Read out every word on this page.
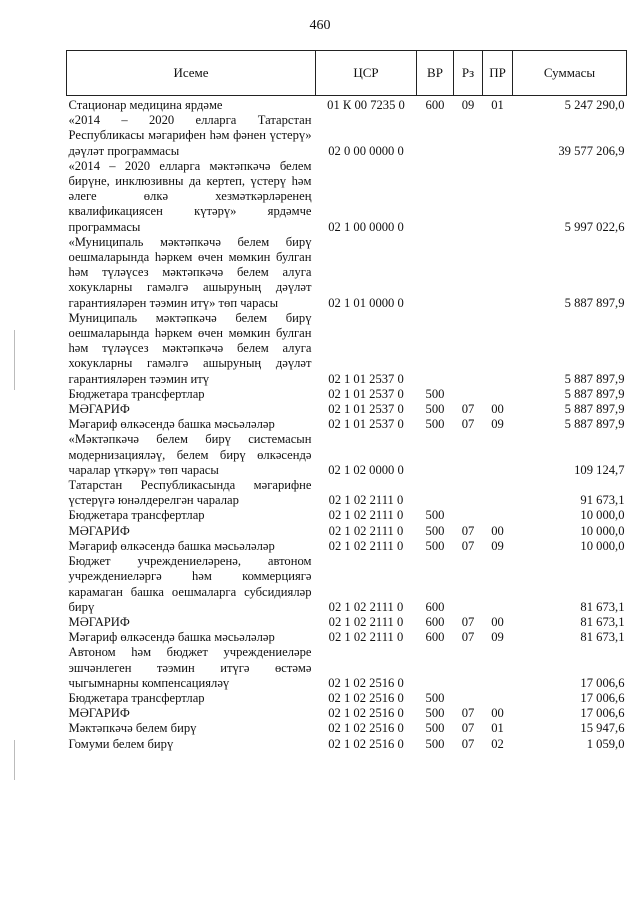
460
Исеме	ЦСР	ВР	Рз	ПР	Суммасы
Стационар медицина ярдәме	01 К 00 7235 0	600	09	01	5 247 290,0
«2014 – 2020 елларга Татарстан Республикасы мәгарифен һәм фәнен үстерү» дәүләт программасы	02 0 00 0000 0				39 577 206,9
«2014 – 2020 елларга мәктәпкәчә белем бирүне, инклюзивны да кертеп, үстерү һәм әлеге өлкә хезмәткәрләренең квалификациясен күтәрү» ярдәмче программасы	02 1 00 0000 0				5 997 022,6
«Муниципаль мәктәпкәчә белем бирү оешмаларында һәркем өчен мөмкин булган һәм түләүсез мәктәпкәчә белем алуга хокукларны гамәлгә ашыруның дәүләт гарантияләрен тәэмин итү» төп чарасы	02 1 01 0000 0				5 887 897,9
Муниципаль мәктәпкәчә белем бирү оешмаларында һәркем өчен мөмкин булган һәм түләүсез мәктәпкәчә белем алуга хокукларны гамәлгә ашыруның дәүләт гарантияләрен тәэмин итү	02 1 01 2537 0				5 887 897,9
Бюджетара трансфертлар	02 1 01 2537 0	500			5 887 897,9
МӘГАРИФ	02 1 01 2537 0	500	07	00	5 887 897,9
Мәгариф өлкәсендә башка мәсьәләләр	02 1 01 2537 0	500	07	09	5 887 897,9
«Мәктәпкәчә белем бирү системасын модернизацияләү, белем бирү өлкәсендә чаралар үткәрү» төп чарасы	02 1 02 0000 0				109 124,7
Татарстан Республикасында мәгарифне үстерүгә юнәлдерелгән чаралар	02 1 02 2111 0				91 673,1
Бюджетара трансфертлар	02 1 02 2111 0	500			10 000,0
МӘГАРИФ	02 1 02 2111 0	500	07	00	10 000,0
Мәгариф өлкәсендә башка мәсьәләләр	02 1 02 2111 0	500	07	09	10 000,0
Бюджет учреждениеләренә, автоном учреждениеләргә һәм коммерциягә карамаган башка оешмаларга субсидияләр бирү	02 1 02 2111 0	600			81 673,1
МӘГАРИФ	02 1 02 2111 0	600	07	00	81 673,1
Мәгариф өлкәсендә башка мәсьәләләр	02 1 02 2111 0	600	07	09	81 673,1
Автоном һәм бюджет учреждениеләре эшчәнлеген тәэмин итүгә өстәмә чыгымнарны компенсацияләү	02 1 02 2516 0				17 006,6
Бюджетара трансфертлар	02 1 02 2516 0	500			17 006,6
МӘГАРИФ	02 1 02 2516 0	500	07	00	17 006,6
Мәктәпкәчә белем бирү	02 1 02 2516 0	500	07	01	15 947,6
Гомуми белем бирү	02 1 02 2516 0	500	07	02	1 059,0
